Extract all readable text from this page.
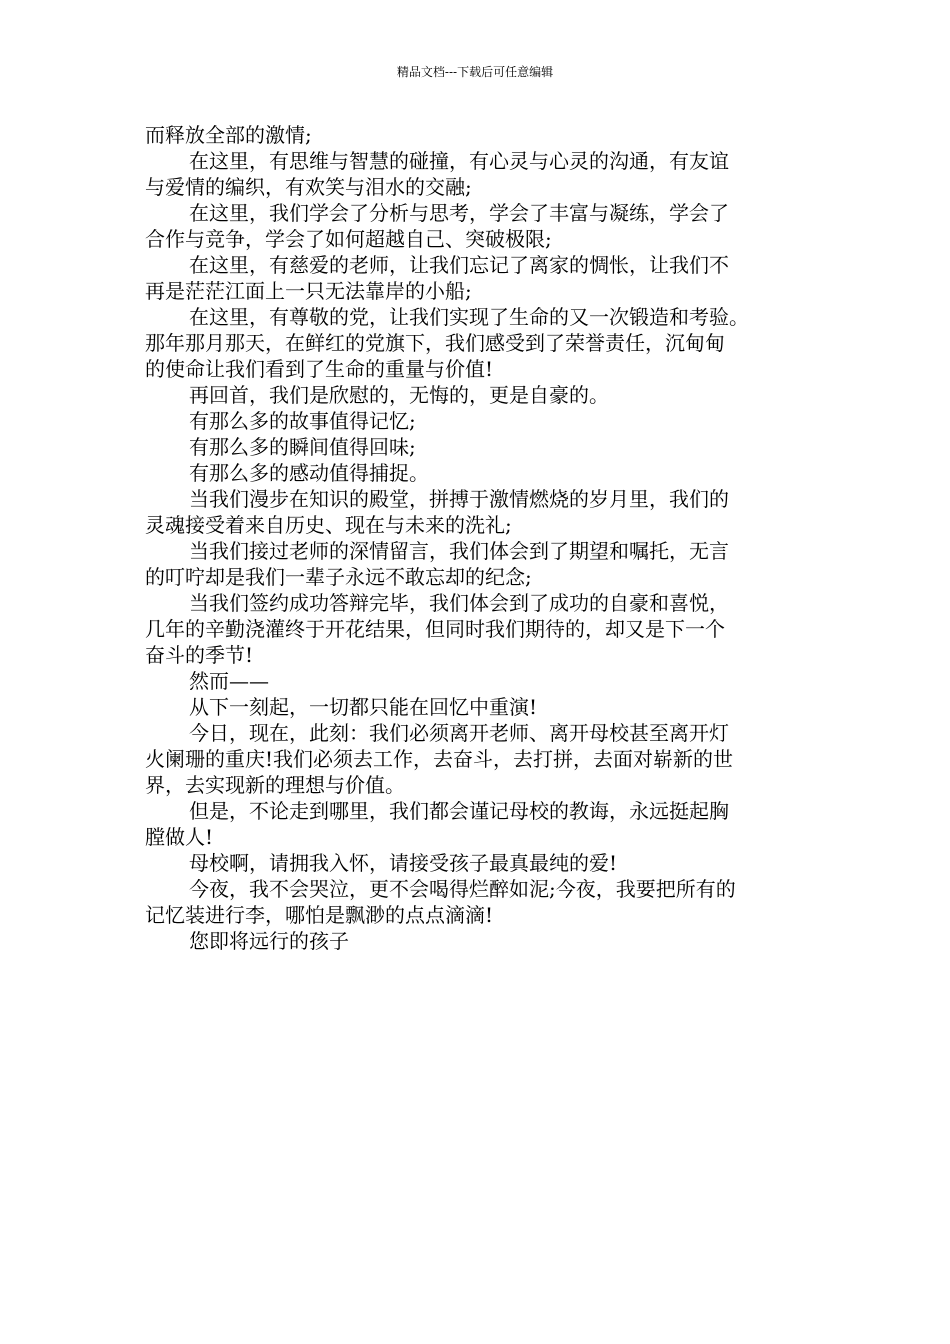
精品文档---下载后可任意编辑
而释放全部的激情;
在这里，有思维与智慧的碰撞，有心灵与心灵的沟通，有友谊
与爱情的编织，有欢笑与泪水的交融;
在这里，我们学会了分析与思考，学会了丰富与凝练，学会了
合作与竞争，学会了如何超越自己、突破极限;
在这里，有慈爱的老师，让我们忘记了离家的惆怅，让我们不
再是茫茫江面上一只无法靠岸的小船;
在这里，有尊敬的党，让我们实现了生命的又一次锻造和考验。
那年那月那天，在鲜红的党旗下，我们感受到了荣誉责任，沉甸甸
的使命让我们看到了生命的重量与价值!
再回首，我们是欣慰的，无悔的，更是自豪的。
有那么多的故事值得记忆;
有那么多的瞬间值得回味;
有那么多的感动值得捕捉。
当我们漫步在知识的殿堂，拼搏于激情燃烧的岁月里，我们的
灵魂接受着来自历史、现在与未来的洗礼;
当我们接过老师的深情留言，我们体会到了期望和嘱托，无言
的叮咛却是我们一辈子永远不敢忘却的纪念;
当我们签约成功答辩完毕，我们体会到了成功的自豪和喜悦，
几年的辛勤浇灌终于开花结果，但同时我们期待的，却又是下一个
奋斗的季节!
然而——
从下一刻起，一切都只能在回忆中重演!
今日，现在，此刻：我们必须离开老师、离开母校甚至离开灯
火阑珊的重庆!我们必须去工作，去奋斗，去打拼，去面对崭新的世
界，去实现新的理想与价值。
但是，不论走到哪里，我们都会谨记母校的教诲，永远挺起胸
膛做人!
母校啊，请拥我入怀，请接受孩子最真最纯的爱!
今夜，我不会哭泣，更不会喝得烂醉如泥;今夜，我要把所有的
记忆装进行李，哪怕是飘渺的点点滴滴!
您即将远行的孩子
